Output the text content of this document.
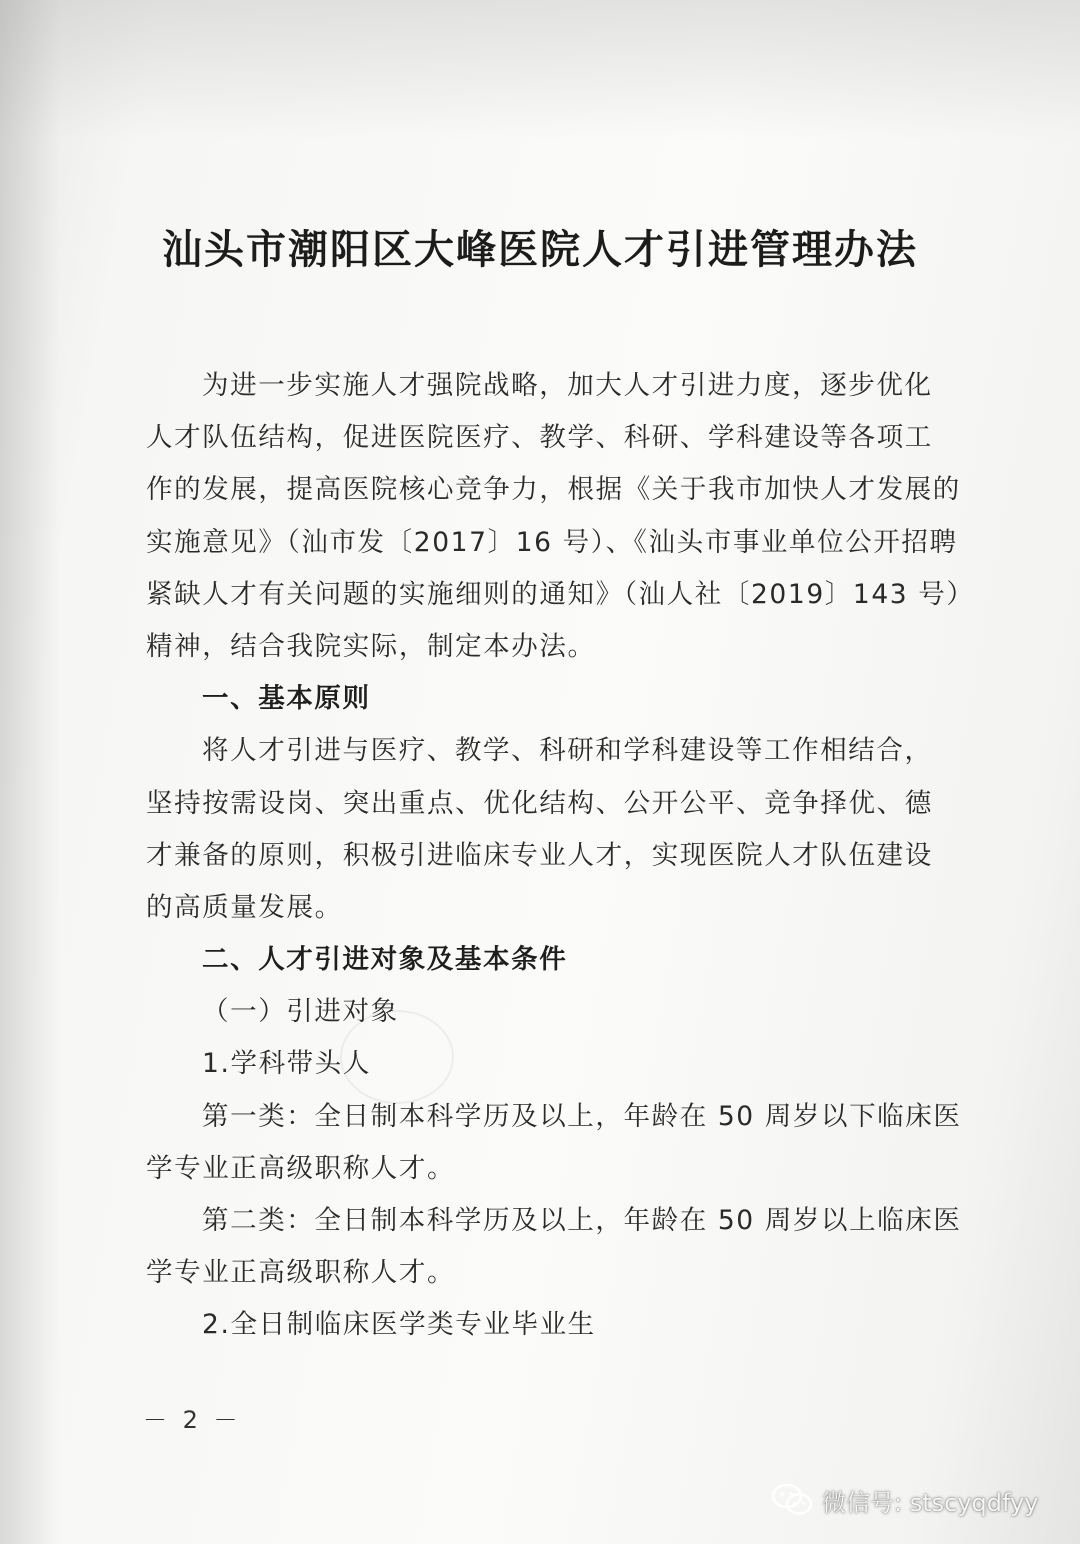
汕头市潮阳区大峰医院人才引进管理办法
为进一步实施人才强院战略，加大人才引进力度，逐步优化
人才队伍结构，促进医院医疗、教学、科研、学科建设等各项工
作的发展，提高医院核心竞争力，根据《关于我市加快人才发展的
实施意见》（汕市发〔2017〕16 号）、《汕头市事业单位公开招聘
紧缺人才有关问题的实施细则的通知》（汕人社〔2019〕143 号）
精神，结合我院实际，制定本办法。
一、基本原则
将人才引进与医疗、教学、科研和学科建设等工作相结合，
坚持按需设岗、突出重点、优化结构、公开公平、竞争择优、德
才兼备的原则，积极引进临床专业人才，实现医院人才队伍建设
的高质量发展。
二、人才引进对象及基本条件
（一）引进对象
1.学科带头人
第一类：全日制本科学历及以上，年龄在 50 周岁以下临床医
学专业正高级职称人才。
第二类：全日制本科学历及以上，年龄在 50 周岁以上临床医
学专业正高级职称人才。
2.全日制临床医学类专业毕业生
－ 2 －
微信号: stscyqdfyy
